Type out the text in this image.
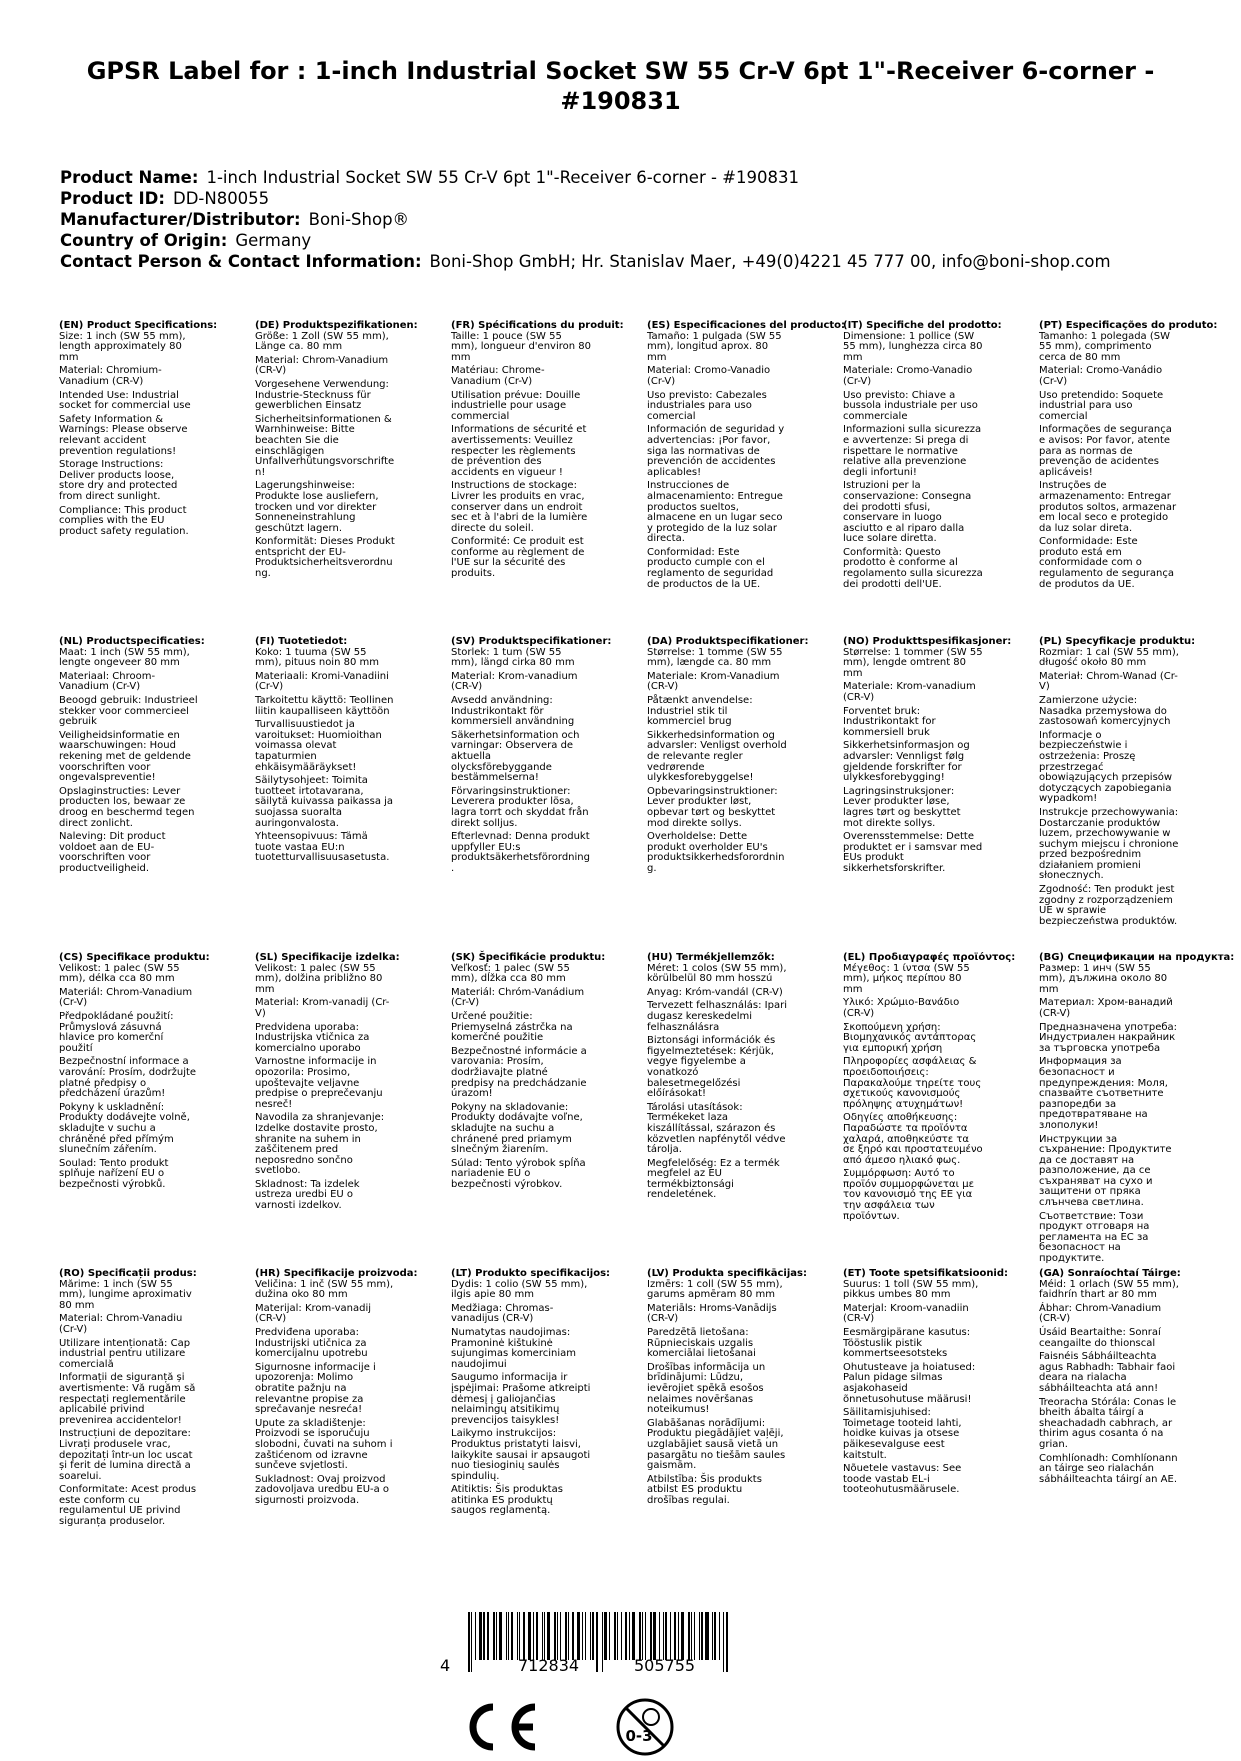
GPSR Label for : 1-inch Industrial Socket SW 55 Cr-V 6pt 1"-Receiver 6-corner - #190831
Product Name: 1-inch Industrial Socket SW 55 Cr-V 6pt 1"-Receiver 6-corner - #190831
Product ID: DD-N80055
Manufacturer/Distributor: Boni-Shop®
Country of Origin: Germany
Contact Person & Contact Information: Boni-Shop GmbH; Hr. Stanislav Maer, +49(0)4221 45 777 00, info@boni-shop.com
(EN) Product Specifications:

Size: 1 inch (SW 55 mm), length approximately 80 mm

Material: Chromium-Vanadium (CR-V)

Intended Use: Industrial socket for commercial use

Safety Information & Warnings: Please observe relevant accident prevention regulations!

Storage Instructions: Deliver products loose, store dry and protected from direct sunlight.

Compliance: This product complies with the EU product safety regulation.

(DE) Produktspezifikationen:

Größe: 1 Zoll (SW 55 mm), Länge ca. 80 mm

Material: Chrom-Vanadium (CR-V)

Vorgesehene Verwendung: Industrie-Stecknuss für gewerblichen Einsatz

Sicherheitsinformationen & Warnhinweise: Bitte beachten Sie die einschlägigen Unfallverhütungsvorschriften!

Lagerungshinweise: Produkte lose ausliefern, trocken und vor direkter Sonneneinstrahlung geschützt lagern.

Konformität: Dieses Produkt entspricht der EU-Produktsicherheitsverordnung.

(FR) Spécifications du produit:

Taille: 1 pouce (SW 55 mm), longueur d'environ 80 mm

Matériau: Chrome-Vanadium (Cr-V)

Utilisation prévue: Douille industrielle pour usage commercial

Informations de sécurité et avertissements: Veuillez respecter les règlements de prévention des accidents en vigueur !

Instructions de stockage: Livrer les produits en vrac, conserver dans un endroit sec et à l'abri de la lumière directe du soleil.

Conformité: Ce produit est conforme au règlement de l'UE sur la sécurité des produits.

(ES) Especificaciones del producto:

Tamaño: 1 pulgada (SW 55 mm), longitud aprox. 80 mm

Material: Cromo-Vanadio (Cr-V)

Uso previsto: Cabezales industriales para uso comercial

Información de seguridad y advertencias: ¡Por favor, siga las normativas de prevención de accidentes aplicables!

Instrucciones de almacenamiento: Entregue productos sueltos, almacene en un lugar seco y protegido de la luz solar directa.

Conformidad: Este producto cumple con el reglamento de seguridad de productos de la UE.

(IT) Specifiche del prodotto:

Dimensione: 1 pollice (SW 55 mm), lunghezza circa 80 mm

Materiale: Cromo-Vanadio (Cr-V)

Uso previsto: Chiave a bussola industriale per uso commerciale

Informazioni sulla sicurezza e avvertenze: Si prega di rispettare le normative relative alla prevenzione degli infortuni!

Istruzioni per la conservazione: Consegna dei prodotti sfusi, conservare in luogo asciutto e al riparo dalla luce solare diretta.

Conformità: Questo prodotto è conforme al regolamento sulla sicurezza dei prodotti dell'UE.

(PT) Especificações do produto:

Tamanho: 1 polegada (SW 55 mm), comprimento cerca de 80 mm

Material: Cromo-Vanádio (Cr-V)

Uso pretendido: Soquete industrial para uso comercial

Informações de segurança e avisos: Por favor, atente para as normas de prevenção de acidentes aplicáveis!

Instruções de armazenamento: Entregar produtos soltos, armazenar em local seco e protegido da luz solar direta.

Conformidade: Este produto está em conformidade com o regulamento de segurança de produtos da UE.

(NL) Productspecificaties:

Maat: 1 inch (SW 55 mm), lengte ongeveer 80 mm

Materiaal: Chroom-Vanadium (Cr-V)

Beoogd gebruik: Industrieel stekker voor commercieel gebruik

Veiligheidsinformatie en waarschuwingen: Houd rekening met de geldende voorschriften voor ongevalspreventie!

Opslaginstructies: Lever producten los, bewaar ze droog en beschermd tegen direct zonlicht.

Naleving: Dit product voldoet aan de EU-voorschriften voor productveiligheid.

(FI) Tuotetiedot:

Koko: 1 tuuma (SW 55 mm), pituus noin 80 mm

Materiaali: Kromi-Vanadiini (Cr-V)

Tarkoitettu käyttö: Teollinen liitin kaupalliseen käyttöön

Turvallisuustiedot ja varoitukset: Huomioithan voimassa olevat tapaturmien ehkäisymääräykset!

Säilytysohjeet: Toimita tuotteet irtotavarana, säilytä kuivassa paikassa ja suojassa suoralta auringonvalosta.

Yhteensopivuus: Tämä tuote vastaa EU:n tuotetturvallisuusasetusta.

(SV) Produktspecifikationer:

Storlek: 1 tum (SW 55 mm), längd cirka 80 mm

Material: Krom-vanadium (CR-V)

Avsedd användning: Industrikontakt för kommersiell användning

Säkerhetsinformation och varningar: Observera de aktuella olycksförebyggande bestämmelserna!

Förvaringsinstruktioner: Leverera produkter lösa, lagra torrt och skyddat från direkt solljus.

Efterlevnad: Denna produkt uppfyller EU:s produktsäkerhetsförordning.

(DA) Produktspecifikationer:

Størrelse: 1 tomme (SW 55 mm), længde ca. 80 mm

Materiale: Krom-Vanadium (CR-V)

Påtænkt anvendelse: Industriel stik til kommerciel brug

Sikkerhedsinformation og advarsler: Venligst overhold de relevante regler vedrørende ulykkesforebyggelse!

Opbevaringsinstruktioner: Lever produkter løst, opbevar tørt og beskyttet mod direkte sollys.

Overholdelse: Dette produkt overholder EU's produktsikkerhedsforordning.

(NO) Produkttspesifikasjoner:

Størrelse: 1 tommer (SW 55 mm), lengde omtrent 80 mm

Materiale: Krom-vanadium (CR-V)

Forventet bruk: Industrikontakt for kommersiell bruk

Sikkerhetsinformasjon og advarsler: Vennligst følg gjeldende forskrifter for ulykkesforebygging!

Lagringsinstruksjoner: Lever produkter løse, lagres tørt og beskyttet mot direkte sollys.

Overensstemmelse: Dette produktet er i samsvar med EUs produkt sikkerhetsforskrifter.

(PL) Specyfikacje produktu:

Rozmiar: 1 cal (SW 55 mm), długość około 80 mm

Materiał: Chrom-Wanad (Cr-V)

Zamierzone użycie: Nasadka przemysłowa do zastosowań komercyjnych

Informacje o bezpieczeństwie i ostrzeżenia: Proszę przestrzegać obowiązujących przepisów dotyczących zapobiegania wypadkom!

Instrukcje przechowywania: Dostarczanie produktów luzem, przechowywanie w suchym miejscu i chronione przed bezpośrednim działaniem promieni słonecznych.

Zgodność: Ten produkt jest zgodny z rozporządzeniem UE w sprawie bezpieczeństwa produktów.

(CS) Specifikace produktu:

Velikost: 1 palec (SW 55 mm), délka cca 80 mm

Materiál: Chrom-Vanadium (Cr-V)

Předpokládané použití: Průmyslová zásuvná hlavice pro komerční použití

Bezpečnostní informace a varování: Prosím, dodržujte platné předpisy o předcházení úrazům!

Pokyny k uskladnění: Produkty dodávejte volně, skladujte v suchu a chráněné před přímým slunečním zářením.

Soulad: Tento produkt splňuje nařízení EU o bezpečnosti výrobků.

(SL) Specifikacije izdelka:

Velikost: 1 palec (SW 55 mm), dolžina približno 80 mm

Material: Krom-vanadij (Cr-V)

Predvidena uporaba: Industrijska vtičnica za komercialno uporabo

Varnostne informacije in opozorila: Prosimo, upoštevajte veljavne predpise o preprečevanju nesreč!

Navodila za shranjevanje: Izdelke dostavite prosto, shranite na suhem in zaščitenem pred neposredno sončno svetlobo.

Skladnost: Ta izdelek ustreza uredbi EU o varnosti izdelkov.

(SK) Špecifikácie produktu:

Veľkosť: 1 palec (SW 55 mm), dĺžka cca 80 mm

Materiál: Chróm-Vanádium (Cr-V)

Určené použitie: Priemyselná zástrčka na komerčné použitie

Bezpečnostné informácie a varovania: Prosím, dodržiavajte platné predpisy na predchádzanie úrazom!

Pokyny na skladovanie: Produkty dodávajte voľne, skladujte na suchu a chránené pred priamym slnečným žiarením.

Súlad: Tento výrobok spĺňa nariadenie EÚ o bezpečnosti výrobkov.

(HU) Termékjellemzők:

Méret: 1 colos (SW 55 mm), körülbelül 80 mm hosszú

Anyag: Króm-vandál (CR-V)

Tervezett felhasználás: Ipari dugasz kereskedelmi felhasználásra

Biztonsági információk és figyelmeztetések: Kérjük, vegye figyelembe a vonatkozó balesetmegelőzési előírásokat!

Tárolási utasítások: Termékeket laza kiszállítással, szárazon és közvetlen napfénytől védve tárolja.

Megfelelőség: Ez a termék megfelel az EU termékbiztonsági rendeletének.

(EL) Προδιαγραφές προϊόντος:

Μέγεθος: 1 ίντσα (SW 55 mm), μήκος περίπου 80 mm

Υλικό: Χρώμιο-Βανάδιο (CR-V)

Σκοπούμενη χρήση: Βιομηχανικός αντάπτορας για εμπορική χρήση

Πληροφορίες ασφάλειας & προειδοποιήσεις: Παρακαλούμε τηρείτε τους σχετικούς κανονισμούς πρόληψης ατυχημάτων!

Οδηγίες αποθήκευσης: Παραδώστε τα προϊόντα χαλαρά, αποθηκεύστε τα σε ξηρό και προστατευμένο από άμεσο ηλιακό φως.

Συμμόρφωση: Αυτό το προϊόν συμμορφώνεται με τον κανονισμό της ΕΕ για την ασφάλεια των προϊόντων.

(BG) Спецификации на продукта:

Размер: 1 инч (SW 55 mm), дължина около 80 mm

Материал: Хром-ванадий (CR-V)

Предназначена употреба: Индустриален накрайник за търговска употреба

Информация за безопасност и предупреждения: Моля, спазвайте съответните разпоредби за предотвратяване на злополуки!

Инструкции за съхранение: Продуктите да се доставят на разположение, да се съхраняват на сухо и защитени от пряка слънчева светлина.

Съответствие: Този продукт отговаря на регламента на ЕС за безопасност на продуктите.

(RO) Specificații produs:

Mărime: 1 inch (SW 55 mm), lungime aproximativ 80 mm

Material: Chrom-Vanadiu (Cr-V)

Utilizare intenționată: Cap industrial pentru utilizare comercială

Informații de siguranță și avertismente: Vă rugăm să respectați reglementările aplicabile privind prevenirea accidentelor!

Instrucțiuni de depozitare: Livrați produsele vrac, depozitați într-un loc uscat și ferit de lumina directă a soarelui.

Conformitate: Acest produs este conform cu regulamentul UE privind siguranța produselor.

(HR) Specifikacije proizvoda:

Veličina: 1 inč (SW 55 mm), dužina oko 80 mm

Materijal: Krom-vanadij (CR-V)

Predviđena uporaba: Industrijski utičnica za komercijalnu upotrebu

Sigurnosne informacije i upozorenja: Molimo obratite pažnju na relevantne propise za sprečavanje nesreća!

Upute za skladištenje: Proizvodi se isporučuju slobodni, čuvati na suhom i zaštićenom od izravne sunčeve svjetlosti.

Sukladnost: Ovaj proizvod zadovoljava uredbu EU-a o sigurnosti proizvoda.

(LT) Produkto specifikacijos:

Dydis: 1 colio (SW 55 mm), ilgis apie 80 mm

Medžiaga: Chromas-vanadijus (CR-V)

Numatytas naudojimas: Pramoninė kištukinė sujungimas komerciniam naudojimui

Saugumo informacija ir įspėjimai: Prašome atkreipti dėmesį į galiojančias nelaimingų atsitikimų prevencijos taisykles!

Laikymo instrukcijos: Produktus pristatyti laisvi, laikykite sausai ir apsaugoti nuo tiesioginių saulės spindulių.

Atitiktis: Šis produktas atitinka ES produktų saugos reglamentą.

(LV) Produkta specifikācijas:

Izmērs: 1 coll (SW 55 mm), garums apmēram 80 mm

Materiāls: Hroms-Vanādijs (CR-V)

Paredzētā lietošana: Rūpnieciskais uzgalis komerciālai lietošanai

Drošības informācija un brīdinājumi: Lūdzu, ievērojiet spēkā esošos nelaimes novēršanas noteikumus!

Glabāšanas norādījumi: Produktu piegādājiet vaļēji, uzglabājiet sausā vietā un pasargātu no tiešām saules gaismām.

Atbilstība: Šis produkts atbilst ES produktu drošības regulai.

(ET) Toote spetsifikatsioonid:

Suurus: 1 toll (SW 55 mm), pikkus umbes 80 mm

Materjal: Kroom-vanadiin (CR-V)

Eesmärgipärane kasutus: Tööstuslik pistik kommertseesotsteks

Ohutusteave ja hoiatused: Palun pidage silmas asjakohaseid õnnetusohutuse määrusi!

Säilitamisjuhised: Toimetage tooteid lahti, hoidke kuivas ja otsese päikesevalguse eest kaitstult.

Nõuetele vastavus: See toode vastab EL-i tooteohutusmäärusele.

(GA) Sonraíochtaí Táirge:

Méid: 1 orlach (SW 55 mm), faidhrín thart ar 80 mm

Ábhar: Chrom-Vanadium (CR-V)

Úsáid Beartaithe: Sonraí ceangailte do thionscal

Faisnéis Sábháilteachta agus Rabhadh: Tabhair faoi deara na rialacha sábháilteachta atá ann!

Treoracha Stórála: Conas le bheith ábalta táirgí a sheachadadh cabhrach, ar thirim agus cosanta ó na grian.

Comhlíonadh: Comhlíonann an táirge seo rialachán sábháilteachta táirgí an AE.

4	712834	505755
0-3
